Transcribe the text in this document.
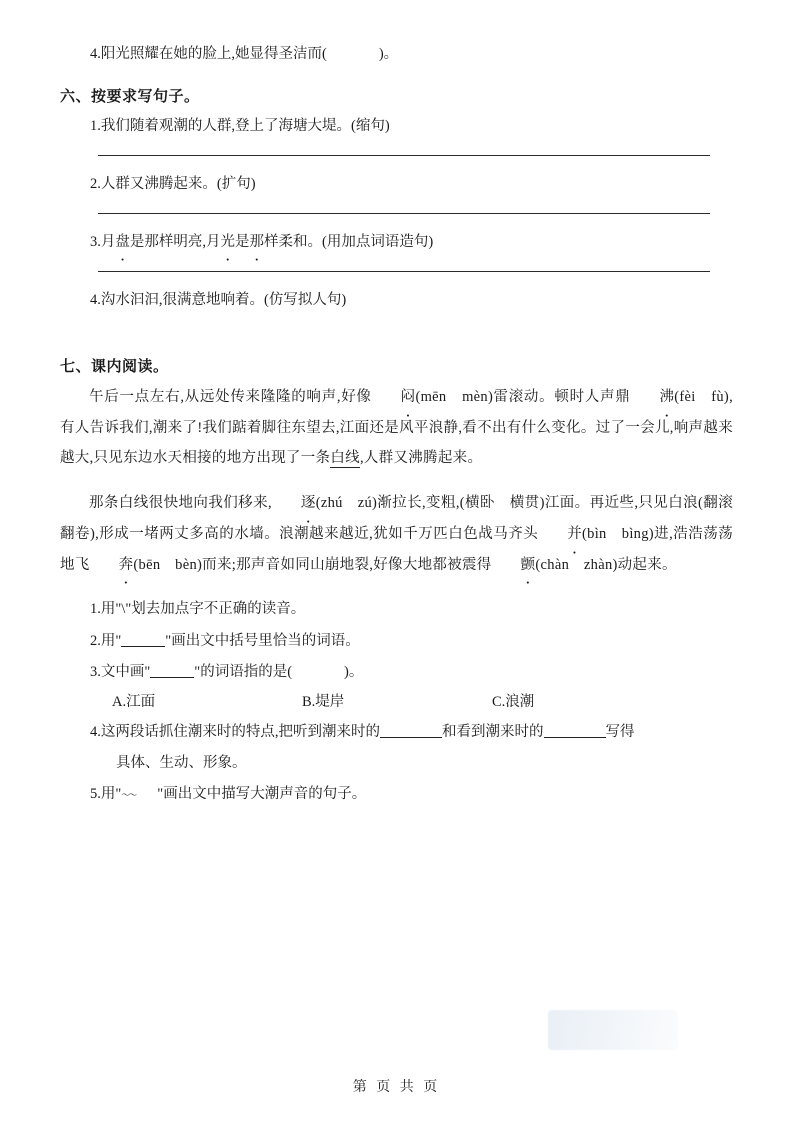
4.阳光照耀在她的脸上,她显得圣洁而(	)。
六、按要求写句子。
1.我们随着观潮的人群,登上了海塘大堤。(缩句)
2.人群又沸腾起来。(扩句)
3.月盘是那样明亮,月光是那样柔和。(用加点词语造句)
4.沟水汩汩,很满意地响着。(仿写拟人句)
七、课内阅读。

午后一点左右,从远处传来隆隆的响声,好像 闷(mēn　mèn)雷滚动。顿时人声鼎 沸(fèi　fù),有人告诉我们,潮来了!我们踮着脚往东望去,江面还是风平浪静,看不出有什么变化。过了一会儿,响声越来越大,只见东边水天相接的地方出现了一条白线,人群又沸腾起来。

那条白线很快地向我们移来, 逐(zhú　zú)渐拉长,变粗,(横卧　横贯)江面。再近些,只见白浪(翻滚　翻卷),形成一堵两丈多高的水墙。浪潮越来越近,犹如千万匹白色战马齐头 并(bìn　bìng)进,浩浩荡荡地飞 奔(bēn　bèn)而来;那声音如同山崩地裂,好像大地都被震得 颤(chàn　zhàn)动起来。

1.用"\"划去加点字不正确的读音。
2.用"	"画出文中括号里恰当的词语。
3.文中画"	"的词语指的是(	)。
A.江面	B.堤岸	C.浪潮
4.这两段话抓住潮来时的特点,把听到潮来时的	和看到潮来时的	写得
具体、生动、形象。
5.用" 〜〜 "画出文中描写大潮声音的句子。
第 页 共 页
